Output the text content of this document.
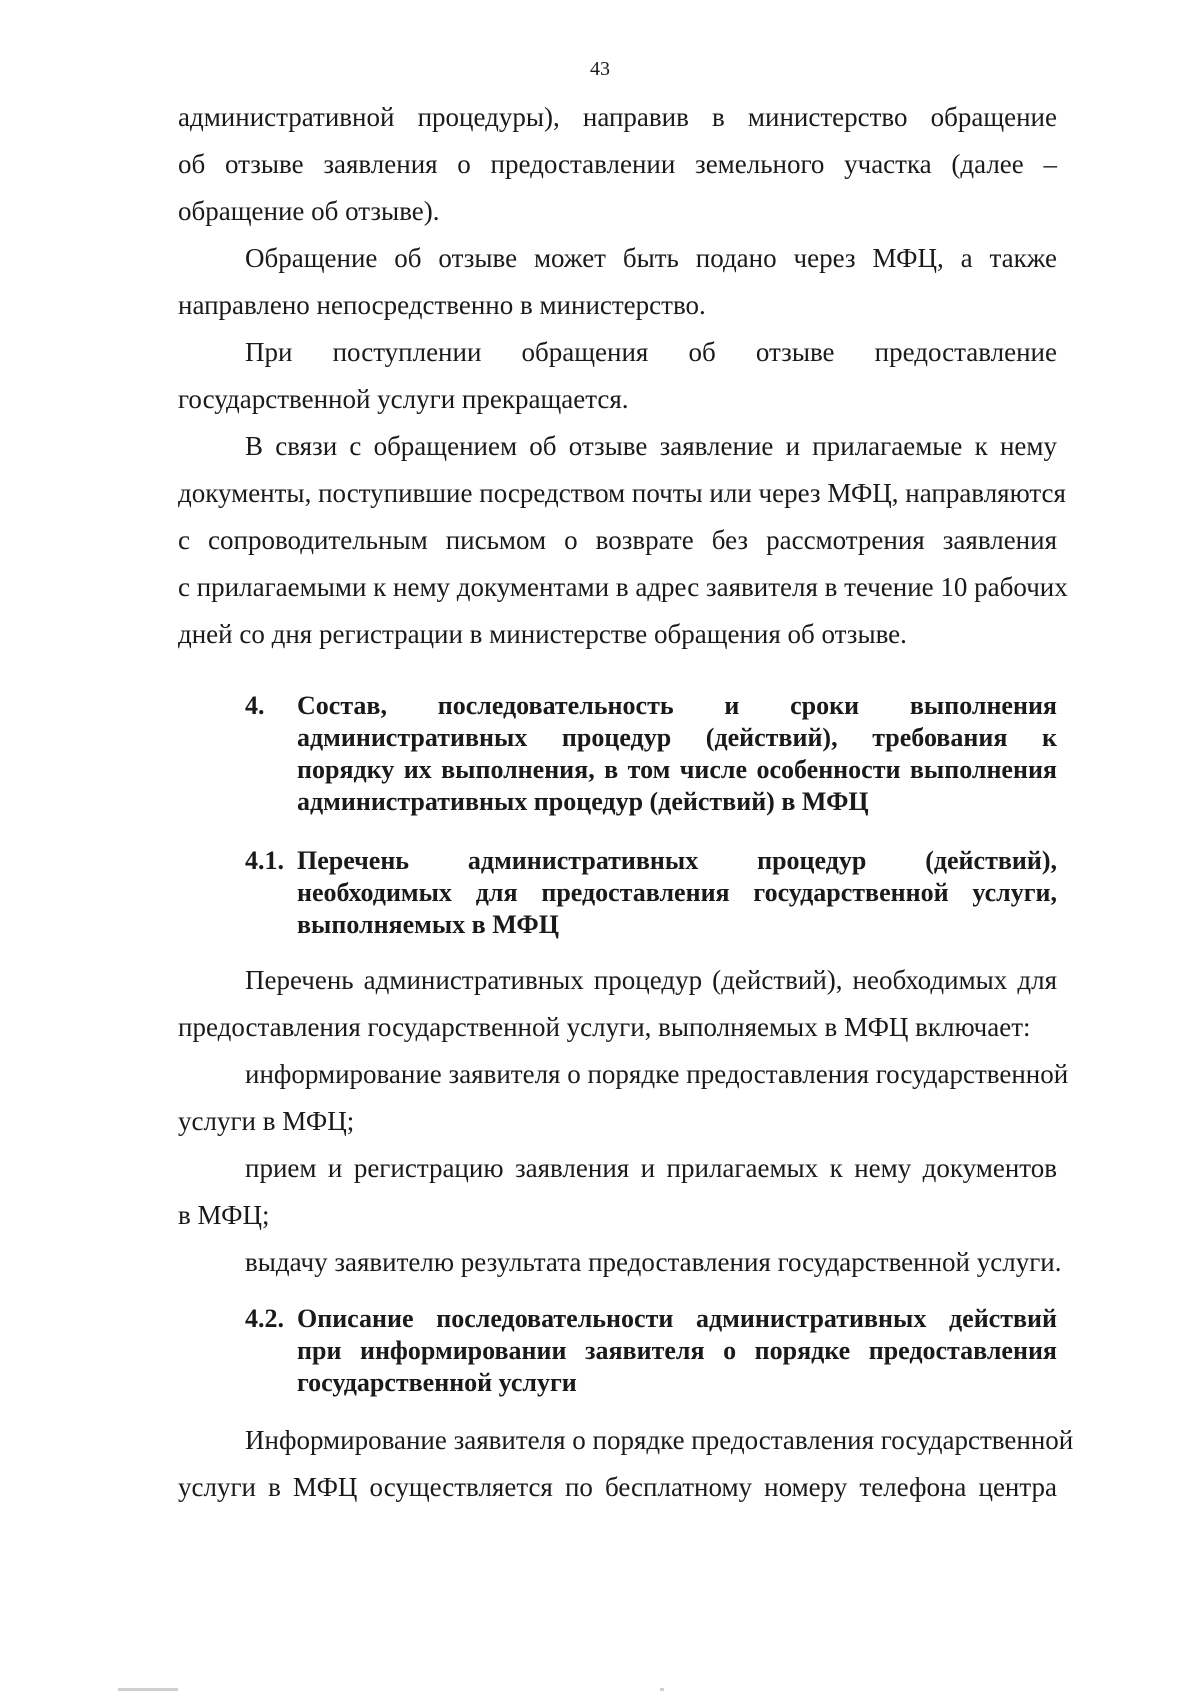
43
административной процедуры), направив в министерство обращение
об отзыве заявления о предоставлении земельного участка (далее –
обращение об отзыве).
Обращение об отзыве может быть подано через МФЦ, а также
направлено непосредственно в министерство.
При поступлении обращения об отзыве предоставление
государственной услуги прекращается.
В связи с обращением об отзыве заявление и прилагаемые к нему
документы, поступившие посредством почты или через МФЦ, направляются
с сопроводительным письмом о возврате без рассмотрения заявления
с прилагаемыми к нему документами в адрес заявителя в течение 10 рабочих
дней со дня регистрации в министерстве обращения об отзыве.
4. Состав, последовательность и сроки выполнения
административных процедур (действий), требования к
порядку их выполнения, в том числе особенности выполнения
административных процедур (действий) в МФЦ
4.1. Перечень административных процедур (действий),
необходимых для предоставления государственной услуги,
выполняемых в МФЦ
Перечень административных процедур (действий), необходимых для
предоставления государственной услуги, выполняемых в МФЦ включает:
информирование заявителя о порядке предоставления государственной
услуги в МФЦ;
прием и регистрацию заявления и прилагаемых к нему документов
в МФЦ;
выдачу заявителю результата предоставления государственной услуги.
4.2. Описание последовательности административных действий
при информировании заявителя о порядке предоставления
государственной услуги
Информирование заявителя о порядке предоставления государственной
услуги в МФЦ осуществляется по бесплатному номеру телефона центра
